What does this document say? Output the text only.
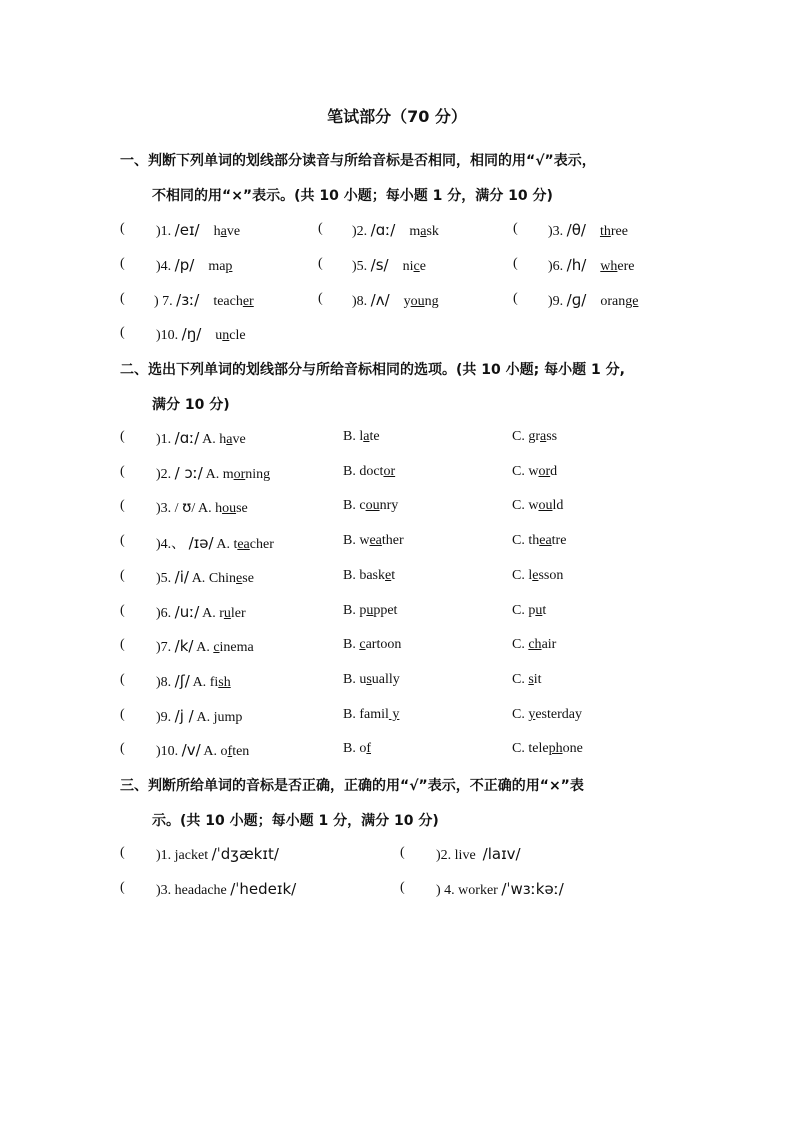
笔试部分（70 分）
一、判断下列单词的划线部分读音与所给音标是否相同，相同的用“√”表示，
不相同的用“×”表示。(共 10 小题；每小题 1 分，满分 10 分)
( )1. /eɪ/ have	( )2. /ɑː/ mask	( )3. /θ/ three
( )4. /p/ map	( )5. /s/ nice	( )6. /h/ where
( ) 7. /ɜː/ teacher	( )8. /ʌ/ young	( )9. /ɡ/ orange
( )10. /ŋ/ uncle
二、选出下列单词的划线部分与所给音标相同的选项。(共 10 小题; 每小题 1 分,
满分 10 分)
( )1. /ɑː/ A. have	B. late	C. grass
( )2. / ɔː/ A. morning	B. doctor	C. word
( )3. / ʊ/ A. house	B. counry	C. would
( )4.、 /ɪə/ A. teacher	B. weather	C. theatre
( )5. /i/ A. Chinese	B. basket	C. lesson
( )6. /uː/ A. ruler	B. puppet	C. put
( )7. /k/ A. cinema	B. cartoon	C. chair
( )8. /ʃ/ A. fish	B. usually	C. sit
( )9. /j / A. jump	B. famil y	C. yesterday
( )10. /v/ A. often	B. of	C. telephone
三、判断所给单词的音标是否正确，正确的用“√”表示，不正确的用“×”表
示。(共 10 小题；每小题 1 分，满分 10 分)
( )1. jacket /ˈdʒækɪt/	( )2. live /laɪv/
( )3. headache /ˈhedeɪk/	( ) 4. worker /ˈwɜːkəː/
